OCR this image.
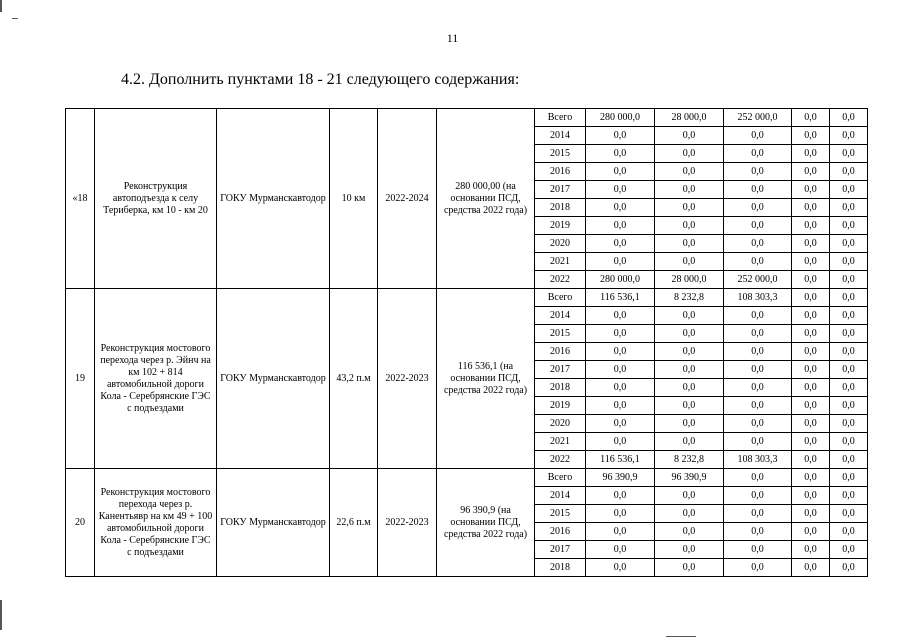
11
4.2. Дополнить пунктами 18 - 21 следующего содержания:
«18	Реконструкция автоподъезда к селу Териберка, км 10 - км 20	ГОКУ Мурманскавтодор	10 км	2022-2024	280 000,00 (на основании ПСД, средства 2022 года)	Всего	280 000,0	28 000,0	252 000,0	0,0	0,0
						2014	0,0	0,0	0,0	0,0	0,0
						2015	0,0	0,0	0,0	0,0	0,0
						2016	0,0	0,0	0,0	0,0	0,0
						2017	0,0	0,0	0,0	0,0	0,0
						2018	0,0	0,0	0,0	0,0	0,0
						2019	0,0	0,0	0,0	0,0	0,0
						2020	0,0	0,0	0,0	0,0	0,0
						2021	0,0	0,0	0,0	0,0	0,0
						2022	280 000,0	28 000,0	252 000,0	0,0	0,0
19	Реконструкция мостового перехода через р. Эйнч на км 102 + 814 автомобильной дороги Кола - Серебрянские ГЭС с подъездами	ГОКУ Мурманскавтодор	43,2 п.м	2022-2023	116 536,1 (на основании ПСД, средства 2022 года)	Всего	116 536,1	8 232,8	108 303,3	0,0	0,0
						2014	0,0	0,0	0,0	0,0	0,0
						2015	0,0	0,0	0,0	0,0	0,0
						2016	0,0	0,0	0,0	0,0	0,0
						2017	0,0	0,0	0,0	0,0	0,0
						2018	0,0	0,0	0,0	0,0	0,0
						2019	0,0	0,0	0,0	0,0	0,0
						2020	0,0	0,0	0,0	0,0	0,0
						2021	0,0	0,0	0,0	0,0	0,0
						2022	116 536,1	8 232,8	108 303,3	0,0	0,0
20	Реконструкция мостового перехода через р. Канентьявр на км 49 + 100 автомобильной дороги Кола - Серебрянские ГЭС с подъездами	ГОКУ Мурманскавтодор	22,6 п.м	2022-2023	96 390,9 (на основании ПСД, средства 2022 года)	Всего	96 390,9	96 390,9	0,0	0,0	0,0
						2014	0,0	0,0	0,0	0,0	0,0
						2015	0,0	0,0	0,0	0,0	0,0
						2016	0,0	0,0	0,0	0,0	0,0
						2017	0,0	0,0	0,0	0,0	0,0
						2018	0,0	0,0	0,0	0,0	0,0
